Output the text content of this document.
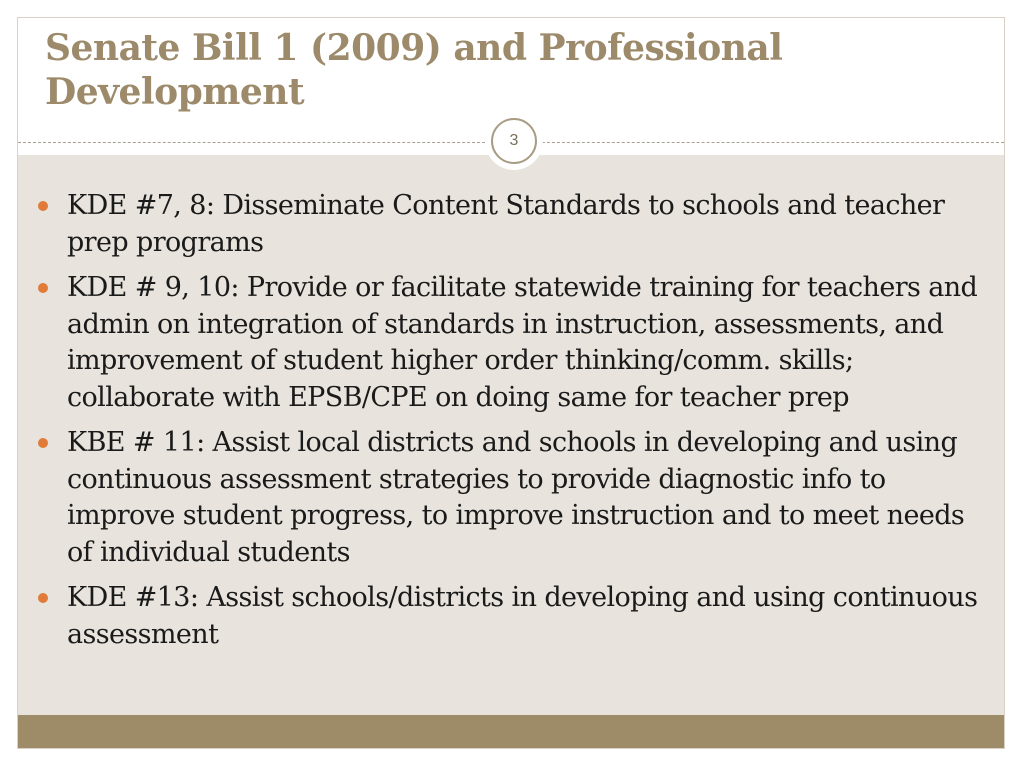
Senate Bill 1 (2009) and Professional Development
3
KDE #7, 8: Disseminate Content Standards to schools and teacher prep programs
KDE # 9, 10: Provide or facilitate statewide training for teachers and admin on integration of standards in instruction, assessments, and improvement of student higher order thinking/comm. skills; collaborate with EPSB/CPE on doing same for teacher prep
KBE # 11: Assist local districts and schools in developing and using continuous assessment strategies to provide diagnostic info to improve student progress, to improve instruction and to meet needs of individual students
KDE #13: Assist schools/districts in developing and using continuous assessment
